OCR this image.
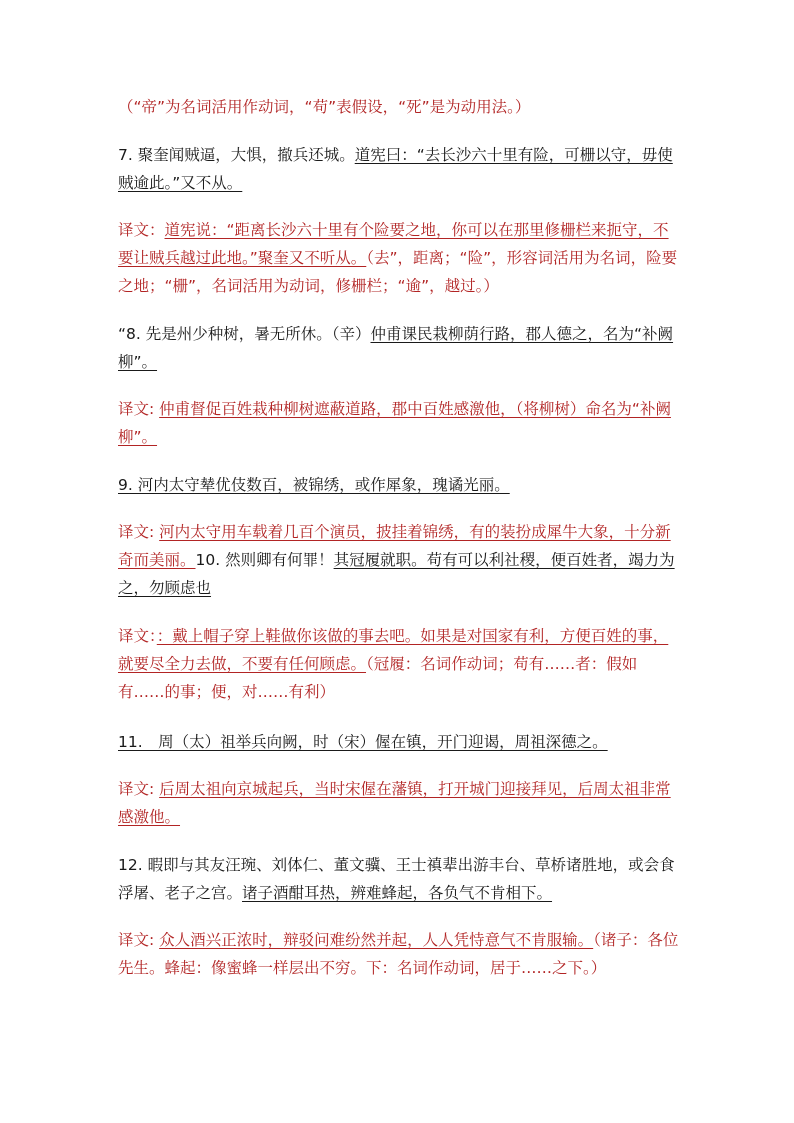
（“帝”为名词活用作动词，“苟”表假设，“死”是为动用法。）

7. 聚奎闻贼逼，大惧，撤兵还城。道宪曰：“去长沙六十里有险，可栅以守，毋使贼逾此。”又不从。

译文：道宪说：“距离长沙六十里有个险要之地，你可以在那里修栅栏来扼守，不要让贼兵越过此地。”聚奎又不听从。（去”，距离；“险”，形容词活用为名词，险要之地；“栅”，名词活用为动词，修栅栏；“逾”，越过。）

“8. 先是州少种树，暑无所休。（辛）仲甫课民栽柳荫行路，郡人德之，名为“补阙柳”。

译文: 仲甫督促百姓栽种柳树遮蔽道路，郡中百姓感激他，（将柳树）命名为“补阙柳”。

9. 河内太守辇优伎数百，被锦绣，或作犀象，瑰谲光丽。

译文: 河内太守用车载着几百个演员，披挂着锦绣，有的装扮成犀牛大象，十分新奇而美丽。10. 然则卿有何罪！其冠履就职。苟有可以利社稷，便百姓者，竭力为之，勿顾虑也

译文：：戴上帽子穿上鞋做你该做的事去吧。如果是对国家有利，方便百姓的事，就要尽全力去做，不要有任何顾虑。（冠履：名词作动词；苟有……者：假如有……的事；便，对……有利）

11.　周（太）祖举兵向阙，时（宋）偓在镇，开门迎谒，周祖深德之。

译文: 后周太祖向京城起兵，当时宋偓在藩镇，打开城门迎接拜见，后周太祖非常感激他。

12. 暇即与其友汪琬、刘体仁、董文骥、王士禛辈出游丰台、草桥诸胜地，或会食浮屠、老子之宫。诸子酒酣耳热，辨难蜂起，各负气不肯相下。

译文: 众人酒兴正浓时，辩驳问难纷然并起，人人凭恃意气不肯服输。（诸子：各位先生。蜂起：像蜜蜂一样层出不穷。下：名词作动词，居于……之下。）
